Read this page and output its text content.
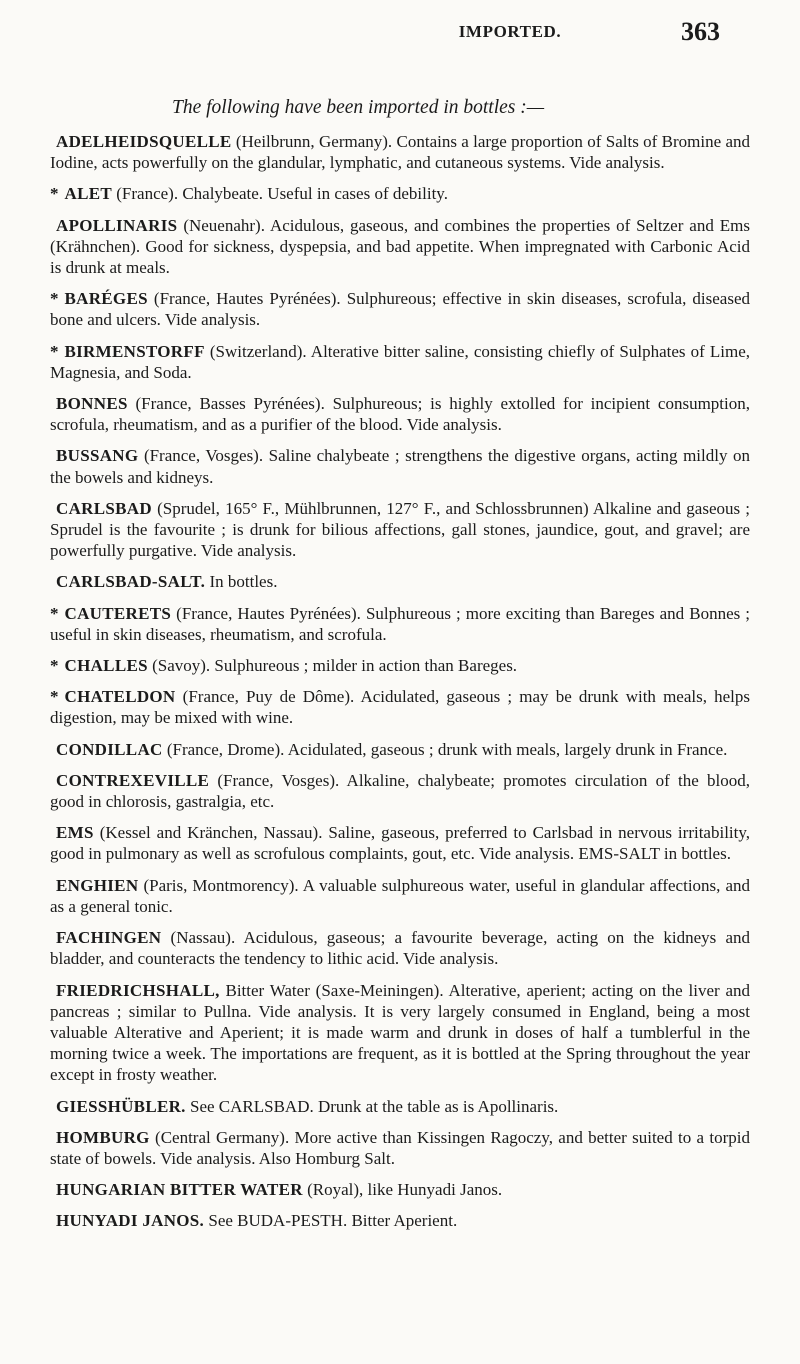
IMPORTED.	363
The following have been imported in bottles :—

ADELHEIDSQUELLE (Heilbrunn, Germany). Contains a large proportion of Salts of Bromine and Iodine, acts powerfully on the glandular, lymphatic, and cutaneous systems. Vide analysis.

* ALET (France). Chalybeate. Useful in cases of debility.

APOLLINARIS (Neuenahr). Acidulous, gaseous, and combines the properties of Seltzer and Ems (Krähnchen). Good for sickness, dyspepsia, and bad appetite. When impregnated with Carbonic Acid is drunk at meals.

* BARÉGES (France, Hautes Pyrénées). Sulphureous; effective in skin diseases, scrofula, diseased bone and ulcers. Vide analysis.

* BIRMENSTORFF (Switzerland). Alterative bitter saline, consisting chiefly of Sulphates of Lime, Magnesia, and Soda.

BONNES (France, Basses Pyrénées). Sulphureous; is highly extolled for incipient consumption, scrofula, rheumatism, and as a purifier of the blood. Vide analysis.

BUSSANG (France, Vosges). Saline chalybeate ; strengthens the digestive organs, acting mildly on the bowels and kidneys.

CARLSBAD (Sprudel, 165° F., Mühlbrunnen, 127° F., and Schlossbrunnen) Alkaline and gaseous ; Sprudel is the favourite ; is drunk for bilious affections, gall stones, jaundice, gout, and gravel; are powerfully purgative. Vide analysis.

CARLSBAD-SALT. In bottles.

* CAUTERETS (France, Hautes Pyrénées). Sulphureous ; more exciting than Bareges and Bonnes ; useful in skin diseases, rheumatism, and scrofula.

* CHALLES (Savoy). Sulphureous ; milder in action than Bareges.

* CHATELDON (France, Puy de Dôme). Acidulated, gaseous ; may be drunk with meals, helps digestion, may be mixed with wine.

CONDILLAC (France, Drome). Acidulated, gaseous ; drunk with meals, largely drunk in France.

CONTREXEVILLE (France, Vosges). Alkaline, chalybeate; promotes circulation of the blood, good in chlorosis, gastralgia, etc.

EMS (Kessel and Kränchen, Nassau). Saline, gaseous, preferred to Carlsbad in nervous irritability, good in pulmonary as well as scrofulous complaints, gout, etc. Vide analysis. EMS-SALT in bottles.

ENGHIEN (Paris, Montmorency). A valuable sulphureous water, useful in glandular affections, and as a general tonic.

FACHINGEN (Nassau). Acidulous, gaseous; a favourite beverage, acting on the kidneys and bladder, and counteracts the tendency to lithic acid. Vide analysis.

FRIEDRICHSHALL, Bitter Water (Saxe-Meiningen). Alterative, aperient; acting on the liver and pancreas ; similar to Pullna. Vide analysis. It is very largely consumed in England, being a most valuable Alterative and Aperient; it is made warm and drunk in doses of half a tumblerful in the morning twice a week. The importations are frequent, as it is bottled at the Spring throughout the year except in frosty weather.

GIESSHÜBLER. See CARLSBAD. Drunk at the table as is Apollinaris.

HOMBURG (Central Germany). More active than Kissingen Ragoczy, and better suited to a torpid state of bowels. Vide analysis. Also Homburg Salt.

HUNGARIAN BITTER WATER (Royal), like Hunyadi Janos.

HUNYADI JANOS. See BUDA-PESTH. Bitter Aperient.
